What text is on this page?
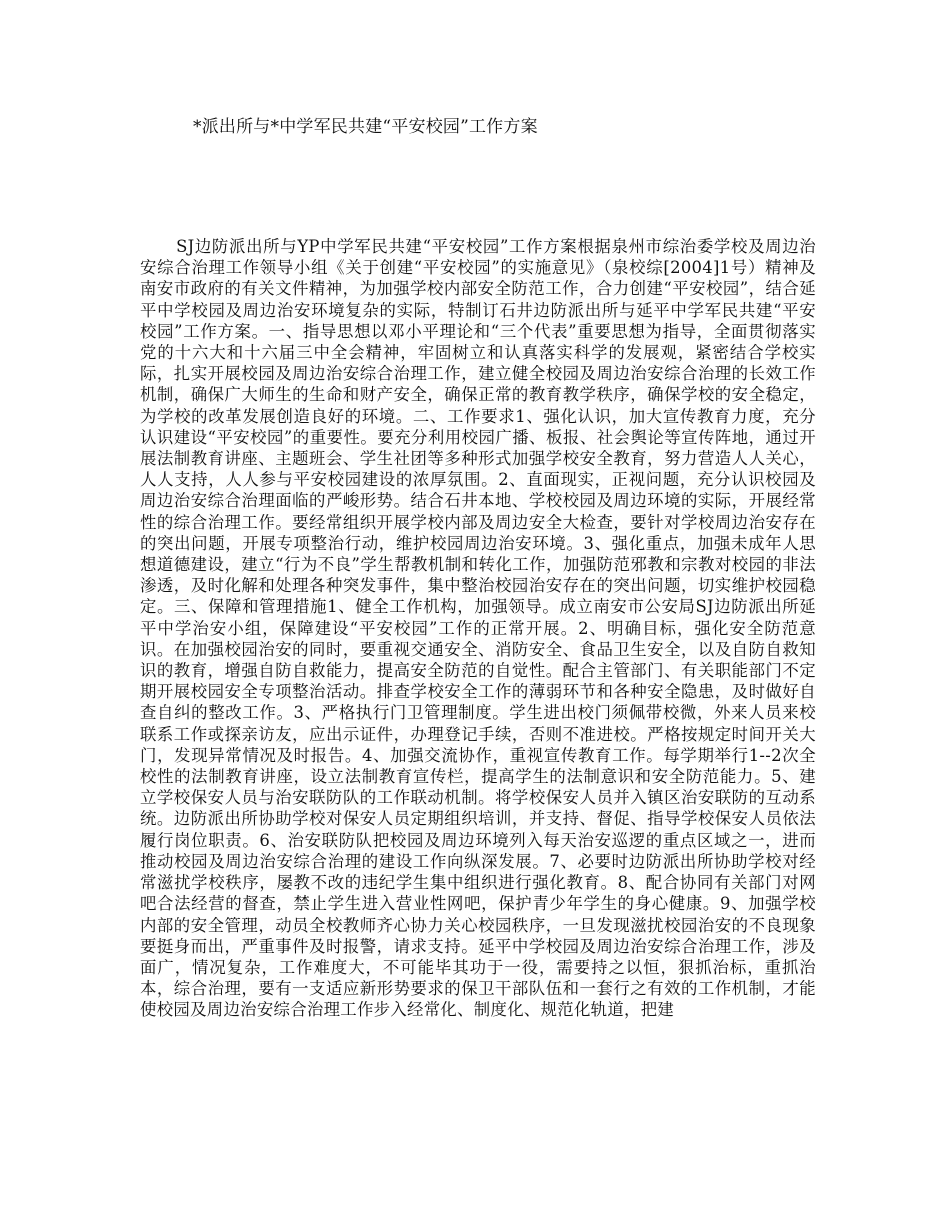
*派出所与*中学军民共建“平安校园”工作方案

SJ边防派出所与YP中学军民共建“平安校园”工作方案根据泉州市综治委学校及周边治安综合治理工作领导小组《关于创建“平安校园”的实施意见》（泉校综[2004]1号）精神及南安市政府的有关文件精神，为加强学校内部安全防范工作，合力创建“平安校园”，结合延平中学校园及周边治安环境复杂的实际，特制订石井边防派出所与延平中学军民共建“平安校园”工作方案。一、指导思想以邓小平理论和“三个代表”重要思想为指导，全面贯彻落实党的十六大和十六届三中全会精神，牢固树立和认真落实科学的发展观，紧密结合学校实际，扎实开展校园及周边治安综合治理工作，建立健全校园及周边治安综合治理的长效工作机制，确保广大师生的生命和财产安全，确保正常的教育教学秩序，确保学校的安全稳定，为学校的改革发展创造良好的环境。二、工作要求1、强化认识，加大宣传教育力度，充分认识建设“平安校园”的重要性。要充分利用校园广播、板报、社会舆论等宣传阵地，通过开展法制教育讲座、主题班会、学生社团等多种形式加强学校安全教育，努力营造人人关心，人人支持，人人参与平安校园建设的浓厚氛围。2、直面现实，正视问题，充分认识校园及周边治安综合治理面临的严峻形势。结合石井本地、学校校园及周边环境的实际，开展经常性的综合治理工作。要经常组织开展学校内部及周边安全大检查，要针对学校周边治安存在的突出问题，开展专项整治行动，维护校园周边治安环境。3、强化重点，加强未成年人思想道德建设，建立“行为不良”学生帮教机制和转化工作，加强防范邪教和宗教对校园的非法渗透，及时化解和处理各种突发事件，集中整治校园治安存在的突出问题，切实维护校园稳定。三、保障和管理措施1、健全工作机构，加强领导。成立南安市公安局SJ边防派出所延平中学治安小组，保障建设“平安校园”工作的正常开展。2、明确目标，强化安全防范意识。在加强校园治安的同时，要重视交通安全、消防安全、食品卫生安全，以及自防自救知识的教育，增强自防自救能力，提高安全防范的自觉性。配合主管部门、有关职能部门不定期开展校园安全专项整治活动。排查学校安全工作的薄弱环节和各种安全隐患，及时做好自查自纠的整改工作。3、严格执行门卫管理制度。学生进出校门须佩带校微，外来人员来校联系工作或探亲访友，应出示证件，办理登记手续，否则不准进校。严格按规定时间开关大门，发现异常情况及时报告。4、加强交流协作，重视宣传教育工作。每学期举行1--2次全校性的法制教育讲座，设立法制教育宣传栏，提高学生的法制意识和安全防范能力。5、建立学校保安人员与治安联防队的工作联动机制。将学校保安人员并入镇区治安联防的互动系统。边防派出所协助学校对保安人员定期组织培训，并支持、督促、指导学校保安人员依法履行岗位职责。6、治安联防队把校园及周边环境列入每天治安巡逻的重点区域之一，进而推动校园及周边治安综合治理的建设工作向纵深发展。7、必要时边防派出所协助学校对经常滋扰学校秩序，屡教不改的违纪学生集中组织进行强化教育。8、配合协同有关部门对网吧合法经营的督查，禁止学生进入营业性网吧，保护青少年学生的身心健康。9、加强学校内部的安全管理，动员全校教师齐心协力关心校园秩序，一旦发现滋扰校园治安的不良现象要挺身而出，严重事件及时报警，请求支持。延平中学校园及周边治安综合治理工作，涉及面广，情况复杂，工作难度大，不可能毕其功于一役，需要持之以恒，狠抓治标，重抓治本，综合治理，要有一支适应新形势要求的保卫干部队伍和一套行之有效的工作机制，才能使校园及周边治安综合治理工作步入经常化、制度化、规范化轨道，把建
